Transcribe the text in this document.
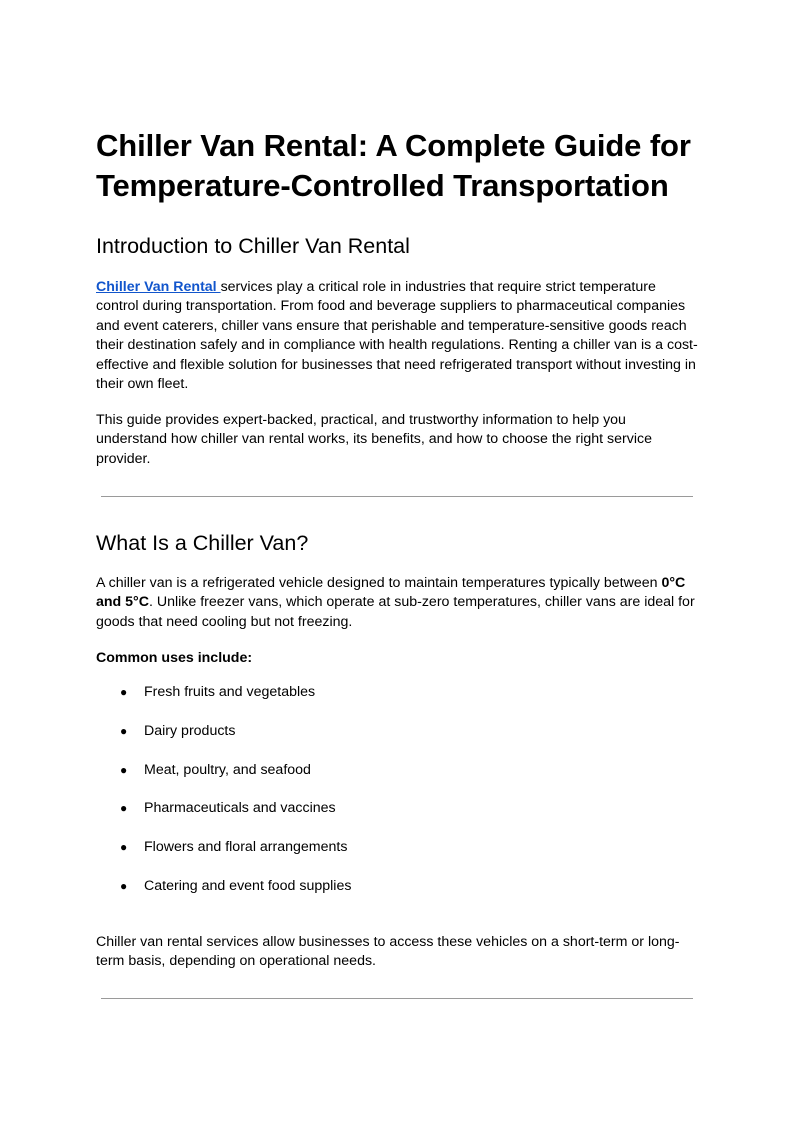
Chiller Van Rental: A Complete Guide for Temperature-Controlled Transportation
Introduction to Chiller Van Rental

Chiller Van Rental services play a critical role in industries that require strict temperature control during transportation. From food and beverage suppliers to pharmaceutical companies and event caterers, chiller vans ensure that perishable and temperature-sensitive goods reach their destination safely and in compliance with health regulations. Renting a chiller van is a cost-effective and flexible solution for businesses that need refrigerated transport without investing in their own fleet.

This guide provides expert-backed, practical, and trustworthy information to help you understand how chiller van rental works, its benefits, and how to choose the right service provider.

What Is a Chiller Van?

A chiller van is a refrigerated vehicle designed to maintain temperatures typically between 0°C and 5°C. Unlike freezer vans, which operate at sub-zero temperatures, chiller vans are ideal for goods that need cooling but not freezing.

Common uses include:

● Fresh fruits and vegetables
● Dairy products
● Meat, poultry, and seafood
● Pharmaceuticals and vaccines
● Flowers and floral arrangements
● Catering and event food supplies

Chiller van rental services allow businesses to access these vehicles on a short-term or long-term basis, depending on operational needs.
